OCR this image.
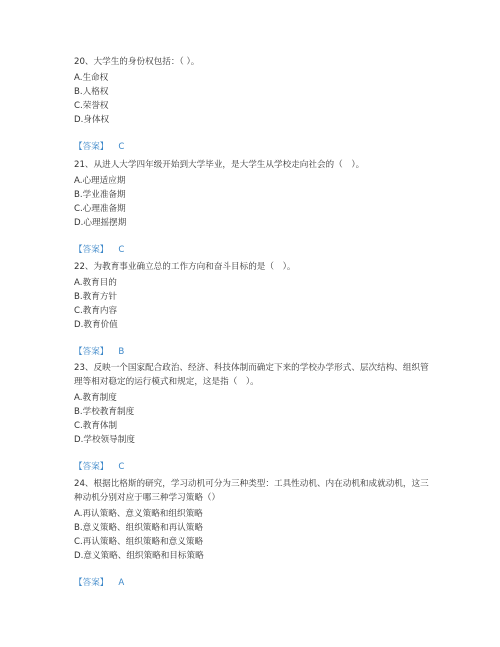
20、大学生的身份权包括：（ ）。

A.生命权

B.人格权

C.荣誉权

D.身体权

【答案】 C

21、从进人大学四年级开始到大学毕业，是大学生从学校走向社会的（　）。

A.心理适应期

B.学业准备期

C.心理准备期

D.心理摇摆期

【答案】 C

22、为教育事业确立总的工作方向和奋斗目标的是（　）。

A.教育目的

B.教育方针

C.教育内容

D.教育价值

【答案】 B

23、反映一个国家配合政治、经济、科技体制而确定下来的学校办学形式、层次结构、组织管理等相对稳定的运行模式和规定，这是指（　）。

A.教育制度

B.学校教育制度

C.教育体制

D.学校领导制度

【答案】 C

24、根据比格斯的研究，学习动机可分为三种类型：工具性动机、内在动机和成就动机，这三种动机分别对应于哪三种学习策略（）

A.再认策略、意义策略和组织策略

B.意义策略、组织策略和再认策略

C.再认策略、组织策略和意义策略

D.意义策略、组织策略和目标策略

【答案】 A
